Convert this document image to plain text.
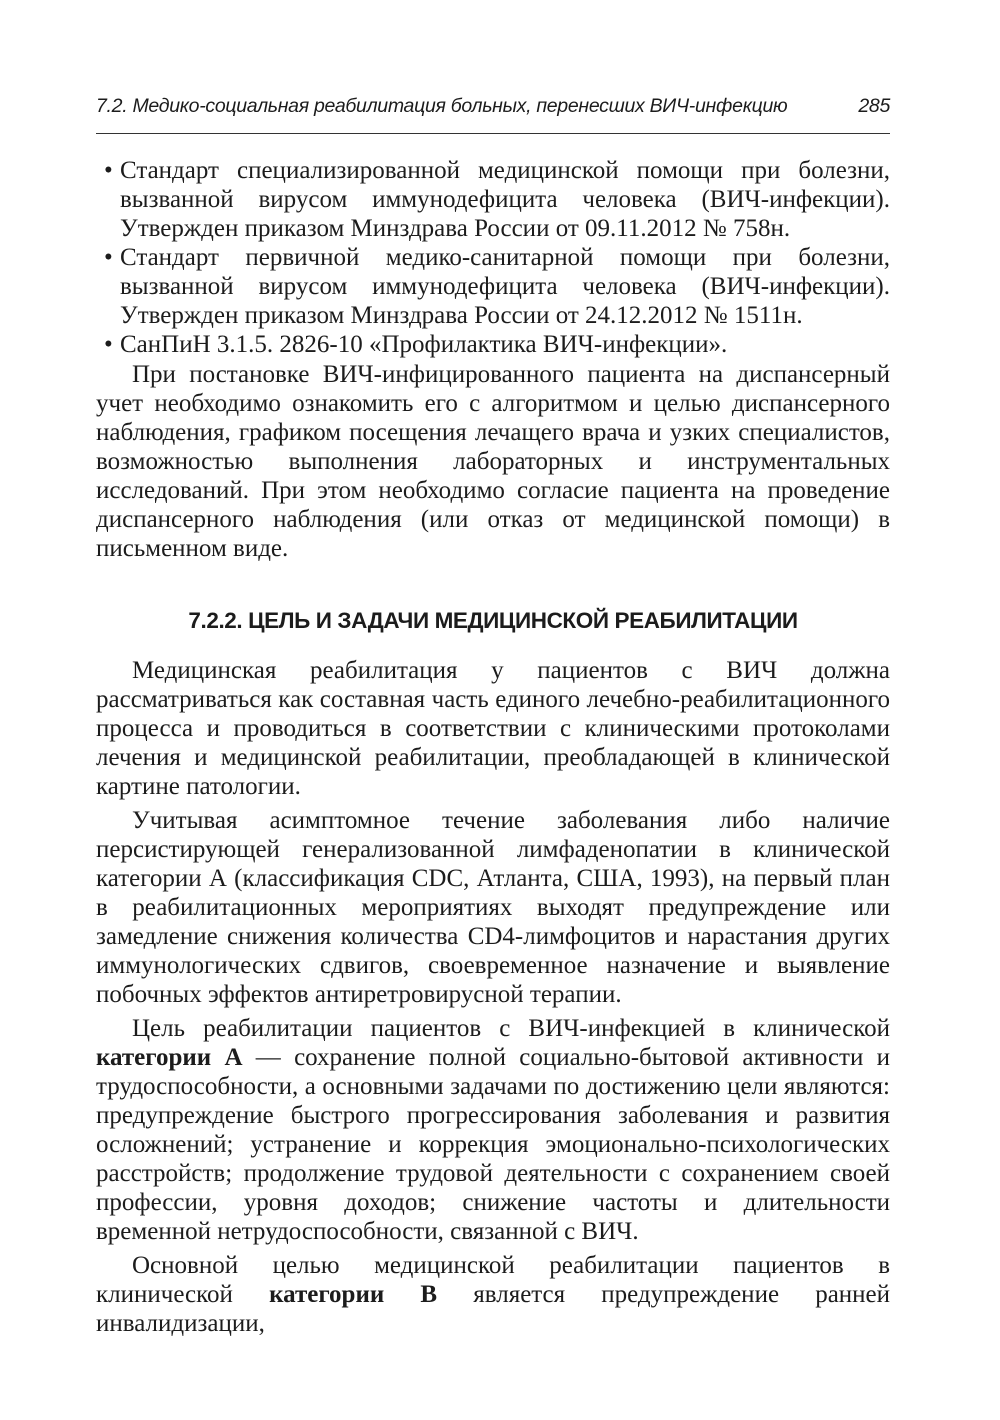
7.2. Медико-социальная реабилитация больных, перенесших ВИЧ-инфекцию	285
• Стандарт специализированной медицинской помощи при болезни, вызванной вирусом иммунодефицита человека (ВИЧ-инфекции). Утвержден приказом Минздрава России от 09.11.2012 № 758н.
• Стандарт первичной медико-санитарной помощи при болезни, вызванной вирусом иммунодефицита человека (ВИЧ-инфекции). Утвержден приказом Минздрава России от 24.12.2012 № 1511н.
• СанПиН 3.1.5. 2826-10 «Профилактика ВИЧ-инфекции».

При постановке ВИЧ-инфицированного пациента на диспансерный учет необходимо ознакомить его с алгоритмом и целью диспансерного наблюдения, графиком посещения лечащего врача и узких специалистов, возможностью выполнения лабораторных и инструментальных исследований. При этом необходимо согласие пациента на проведение диспансерного наблюдения (или отказ от медицинской помощи) в письменном виде.

7.2.2. ЦЕЛЬ И ЗАДАЧИ МЕДИЦИНСКОЙ РЕАБИЛИТАЦИИ

Медицинская реабилитация у пациентов с ВИЧ должна рассматриваться как составная часть единого лечебно-реабилитационного процесса и проводиться в соответствии с клиническими протоколами лечения и медицинской реабилитации, преобладающей в клинической картине патологии.

Учитывая асимптомное течение заболевания либо наличие персистирующей генерализованной лимфаденопатии в клинической категории А (классификация CDC, Атланта, США, 1993), на первый план в реабилитационных мероприятиях выходят предупреждение или замедление снижения количества CD4-лимфоцитов и нарастания других иммунологических сдвигов, своевременное назначение и выявление побочных эффектов антиретровирусной терапии.

Цель реабилитации пациентов с ВИЧ-инфекцией в клинической категории А — сохранение полной социально-бытовой активности и трудоспособности, а основными задачами по достижению цели являются: предупреждение быстрого прогрессирования заболевания и развития осложнений; устранение и коррекция эмоционально-психологических расстройств; продолжение трудовой деятельности с сохранением своей профессии, уровня доходов; снижение частоты и длительности временной нетрудоспособности, связанной с ВИЧ.

Основной целью медицинской реабилитации пациентов в клинической категории В является предупреждение ранней инвалидизации,
